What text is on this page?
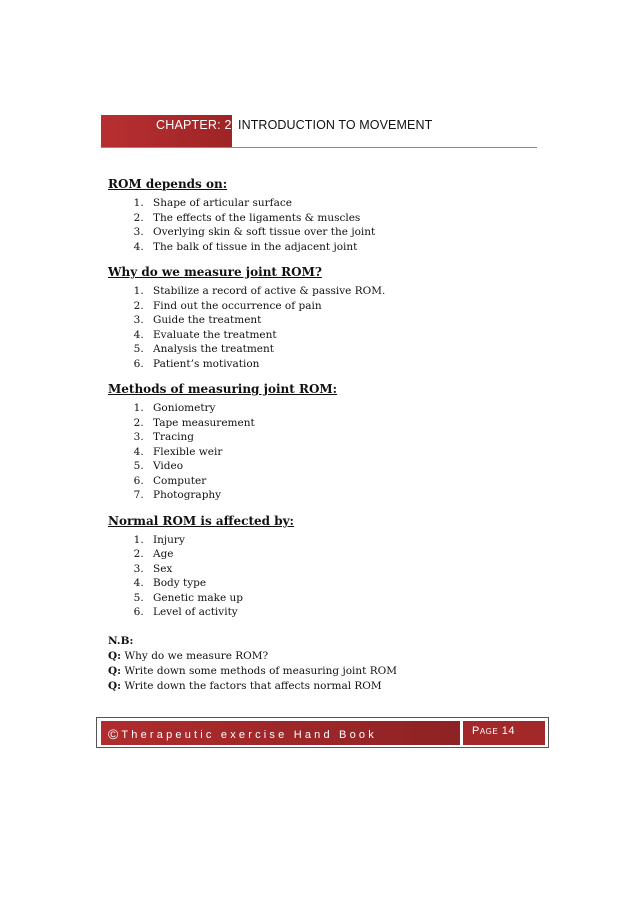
CHAPTER: 2 INTRODUCTION TO MOVEMENT
ROM depends on:
1. Shape of articular surface
2. The effects of the ligaments & muscles
3. Overlying skin & soft tissue over the joint
4. The balk of tissue in the adjacent joint
Why do we measure joint ROM?
1. Stabilize a record of active & passive ROM.
2. Find out the occurrence of pain
3. Guide the treatment
4. Evaluate the treatment
5. Analysis the treatment
6. Patient’s motivation
Methods of measuring joint ROM:
1. Goniometry
2. Tape measurement
3. Tracing
4. Flexible weir
5. Video
6. Computer
7. Photography
Normal ROM is affected by:
1. Injury
2. Age
3. Sex
4. Body type
5. Genetic make up
6. Level of activity
N.B:
Q: Why do we measure ROM?
Q: Write down some methods of measuring joint ROM
Q: Write down the factors that affects normal ROM
© Therapeutic exercise Hand Book	Page 14
